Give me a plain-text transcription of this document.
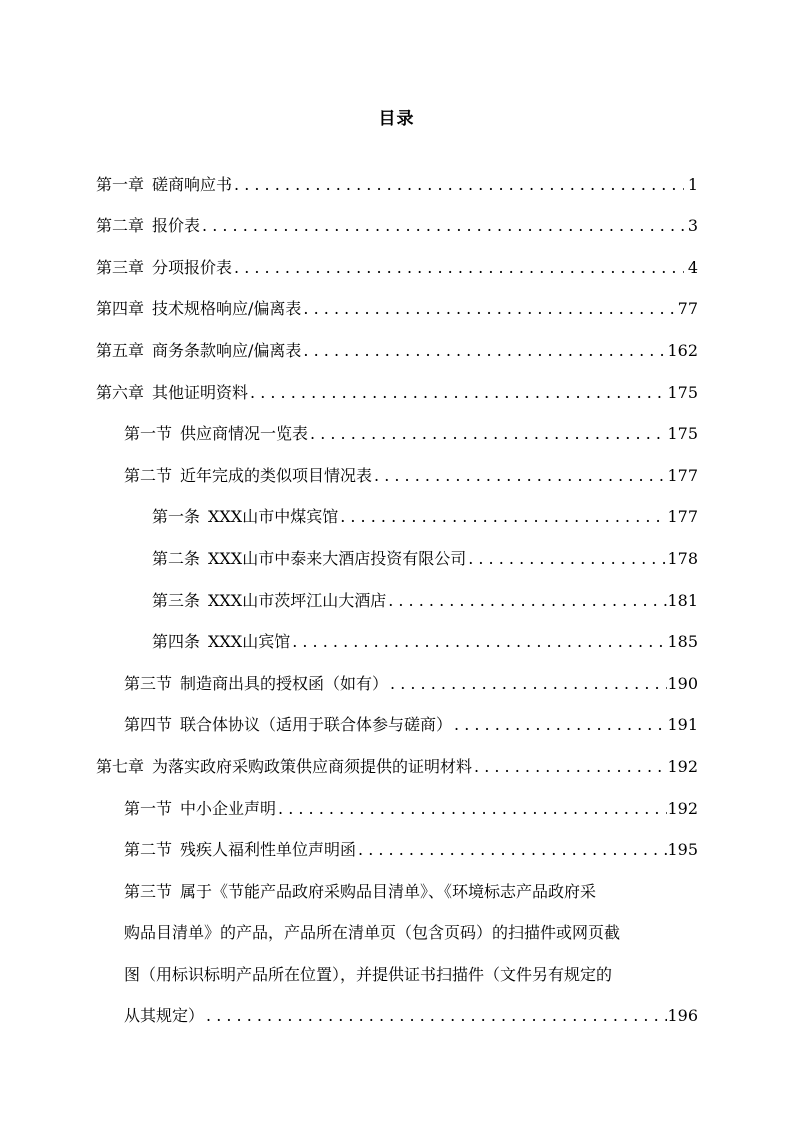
目录
第一章 磋商响应书 . . .	1
第二章 报价表 . . .	3
第三章 分项报价表 . . .	4
第四章 技术规格响应/偏离表 . . .	77
第五章 商务条款响应/偏离表 . . .	162
第六章 其他证明资料 . . .	175
第一节 供应商情况一览表 . . .	175
第二节 近年完成的类似项目情况表 . . .	177
第一条 XXX山市中煤宾馆 . . .	177
第二条 XXX山市中泰来大酒店投资有限公司 . . .	178
第三条 XXX山市茨坪江山大酒店 . . .	181
第四条 XXX山宾馆 . . .	185
第三节 制造商出具的授权函（如有） . . .	190
第四节 联合体协议（适用于联合体参与磋商） . . .	191
第七章 为落实政府采购政策供应商须提供的证明材料 . . .	192
第一节 中小企业声明 . . .	192
第二节 残疾人福利性单位声明函 . . .	195
第三节 属于《节能产品政府采购品目清单》、《环境标志产品政府采
购品目清单》的产品，产品所在清单页（包含页码）的扫描件或网页截
图（用标识标明产品所在位置），并提供证书扫描件（文件另有规定的
从其规定） . . .	196
